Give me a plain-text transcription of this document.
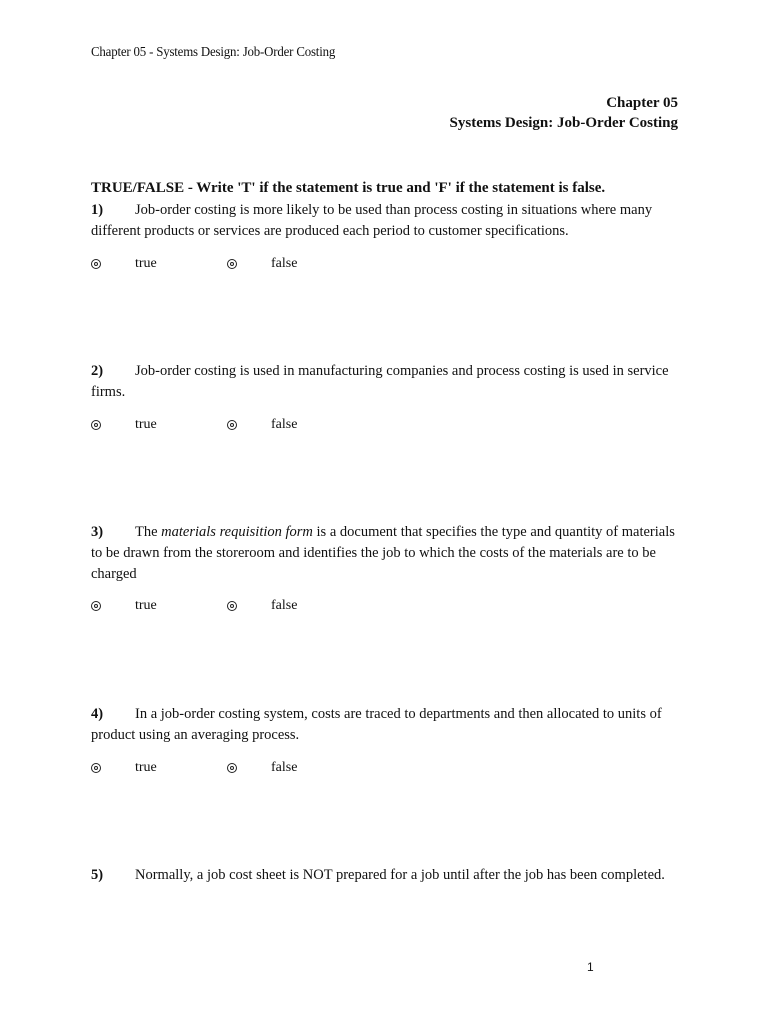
Chapter 05 - Systems Design: Job-Order Costing
Chapter 05
Systems Design: Job-Order Costing
TRUE/FALSE - Write 'T' if the statement is true and 'F' if the statement is false.
1) Job-order costing is more likely to be used than process costing in situations where many different products or services are produced each period to customer specifications.
true	false
2) Job-order costing is used in manufacturing companies and process costing is used in service firms.
true	false
3) The materials requisition form is a document that specifies the type and quantity of materials to be drawn from the storeroom and identifies the job to which the costs of the materials are to be charged
true	false
4) In a job-order costing system, costs are traced to departments and then allocated to units of product using an averaging process.
true	false
5) Normally, a job cost sheet is NOT prepared for a job until after the job has been completed.
1
